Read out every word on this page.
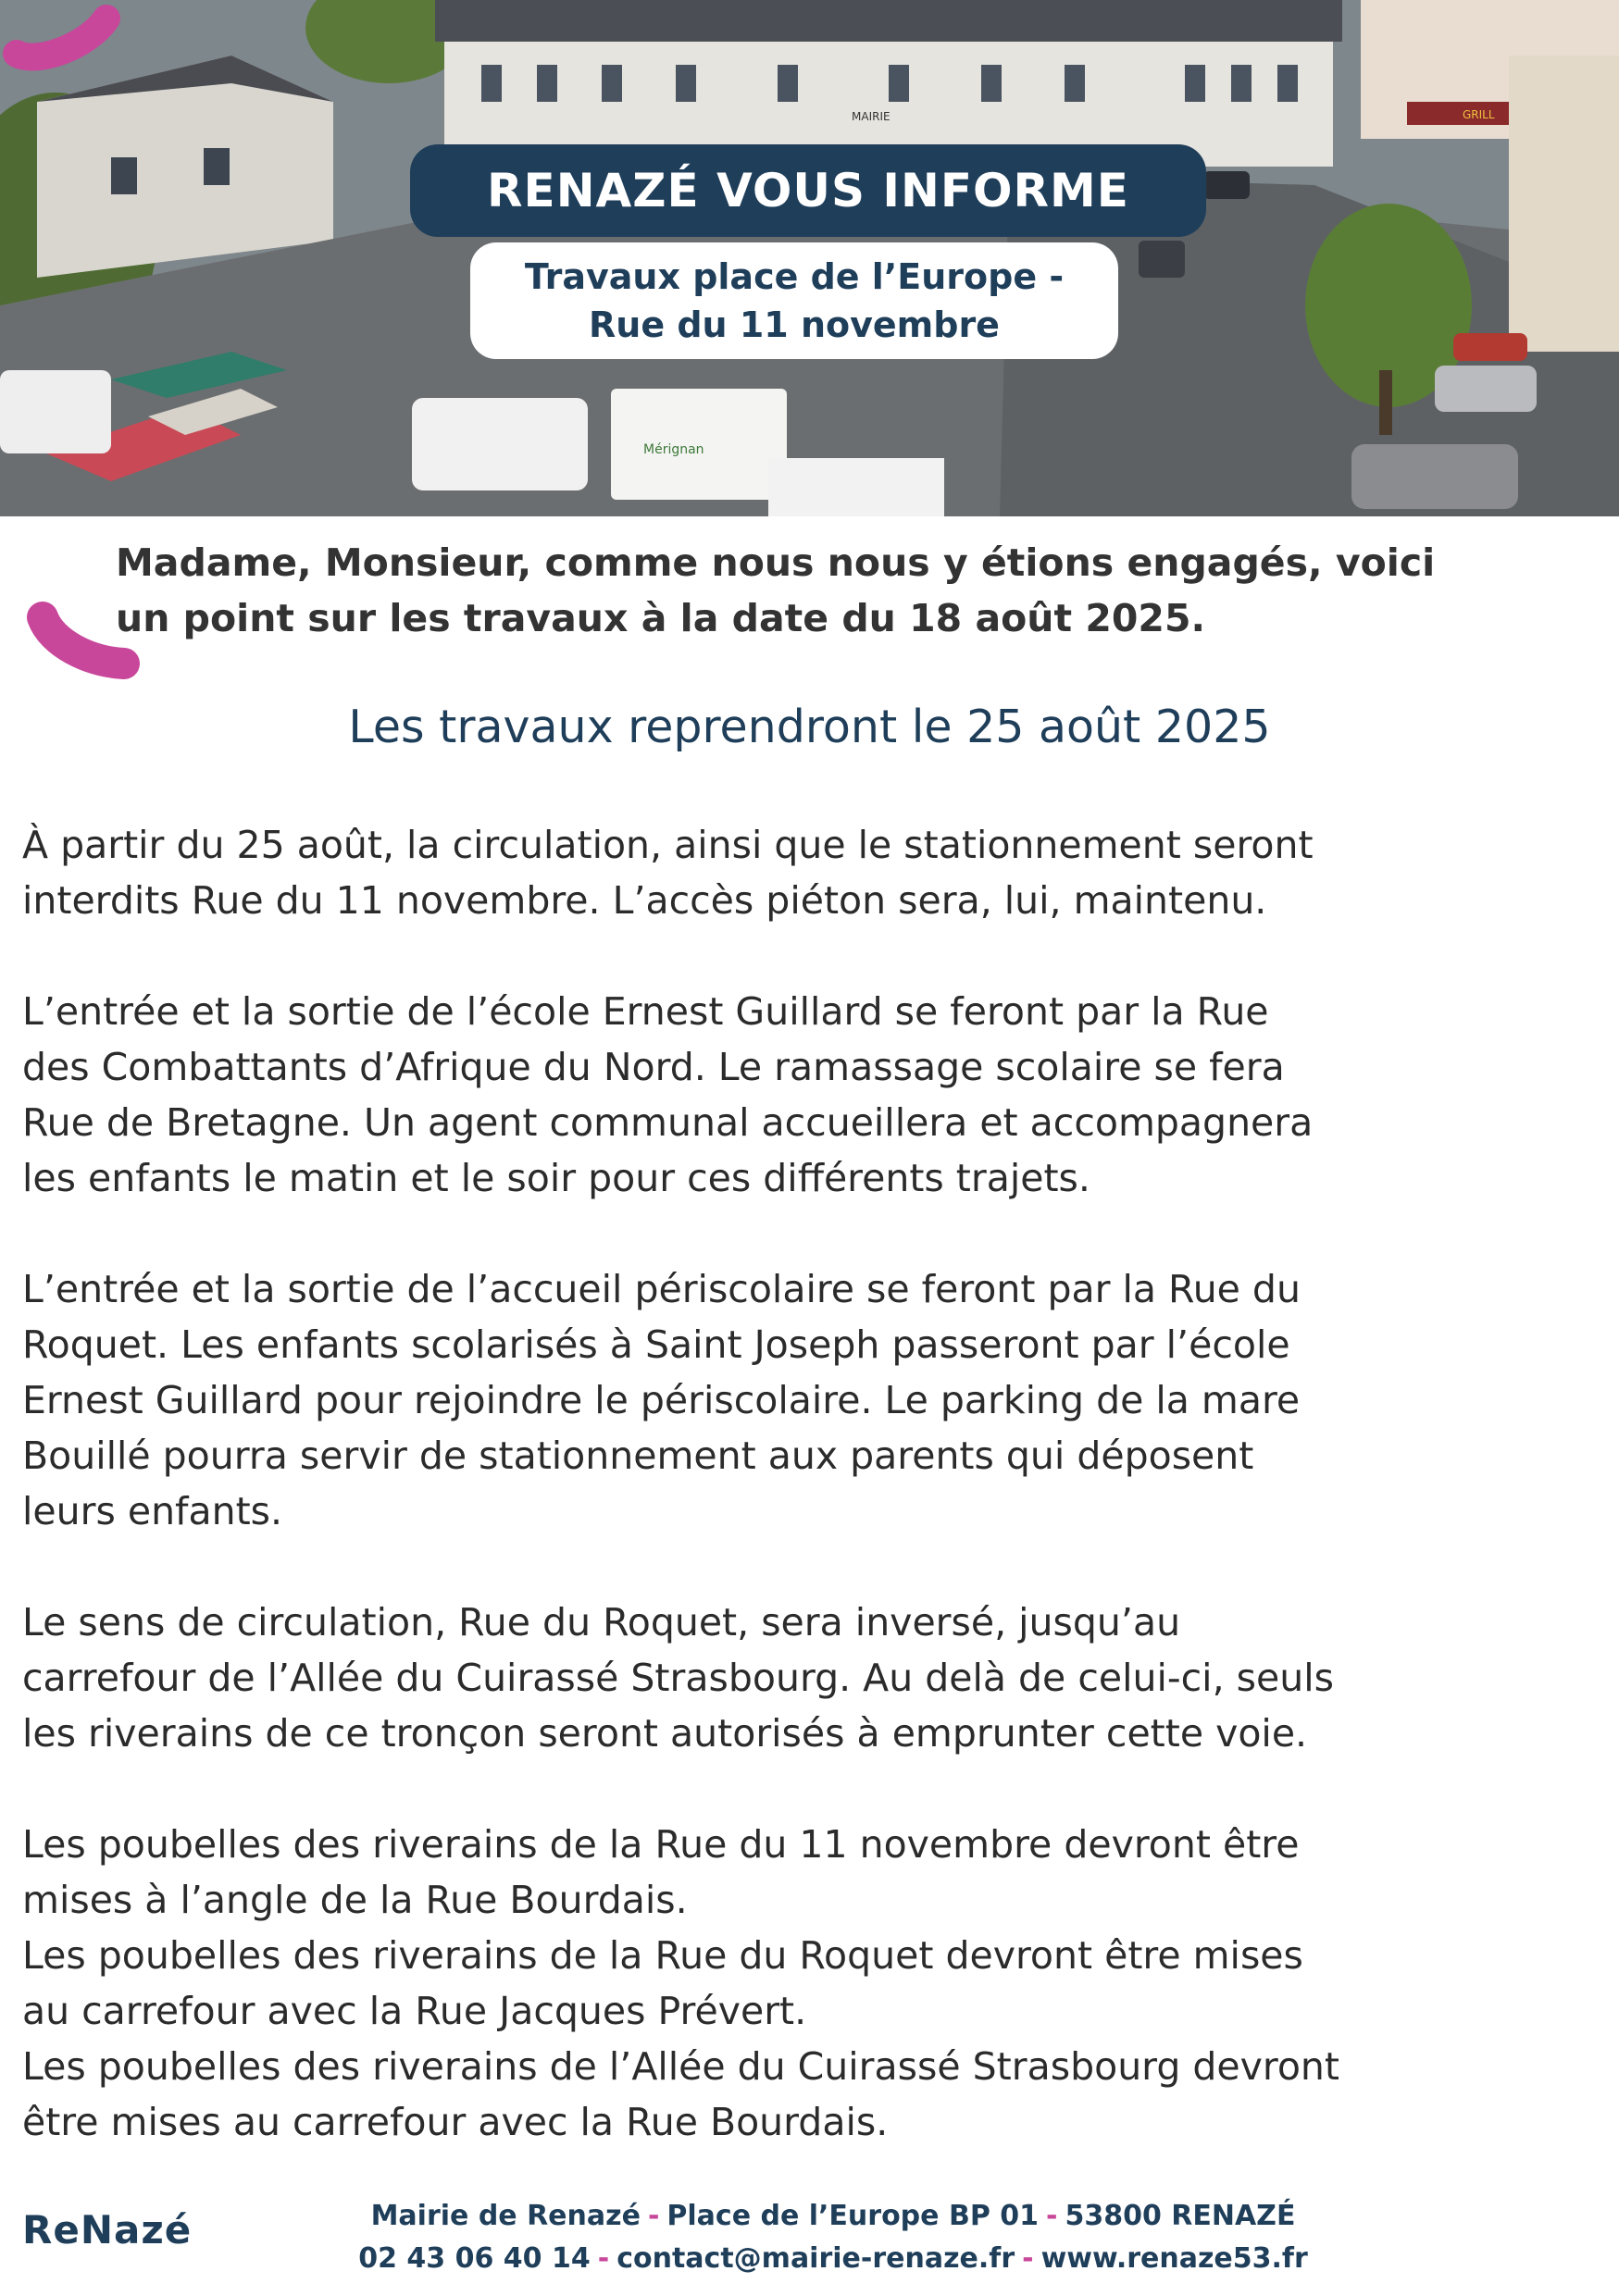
MAIRIE	GRILL
Mérignan
RENAZÉ VOUS INFORME
Travaux place de l’Europe -
Rue du 11 novembre
Madame, Monsieur, comme nous nous y étions engagés, voici
un point sur les travaux à la date du 18 août 2025.
Les travaux reprendront le 25 août 2025

À partir du 25 août, la circulation, ainsi que le stationnement seront
interdits Rue du 11 novembre. L’accès piéton sera, lui, maintenu.

L’entrée et la sortie de l’école Ernest Guillard se feront par la Rue
des Combattants d’Afrique du Nord. Le ramassage scolaire se fera
Rue de Bretagne. Un agent communal accueillera et accompagnera
les enfants le matin et le soir pour ces différents trajets.

L’entrée et la sortie de l’accueil périscolaire se feront par la Rue du
Roquet. Les enfants scolarisés à Saint Joseph passeront par l’école
Ernest Guillard pour rejoindre le périscolaire. Le parking de la mare
Bouillé pourra servir de stationnement aux parents qui déposent
leurs enfants.

Le sens de circulation, Rue du Roquet, sera inversé, jusqu’au
carrefour de l’Allée du Cuirassé Strasbourg. Au delà de celui-ci, seuls
les riverains de ce tronçon seront autorisés à emprunter cette voie.

Les poubelles des riverains de la Rue du 11 novembre devront être
mises à l’angle de la Rue Bourdais.
Les poubelles des riverains de la Rue du Roquet devront être mises
au carrefour avec la Rue Jacques Prévert.
Les poubelles des riverains de l’Allée du Cuirassé Strasbourg devront
être mises au carrefour avec la Rue Bourdais.

ReNazé	Mairie de Renazé - Place de l’Europe BP 01 - 53800 RENAZÉ
02 43 06 40 14 - contact@mairie-renaze.fr - www.renaze53.fr
